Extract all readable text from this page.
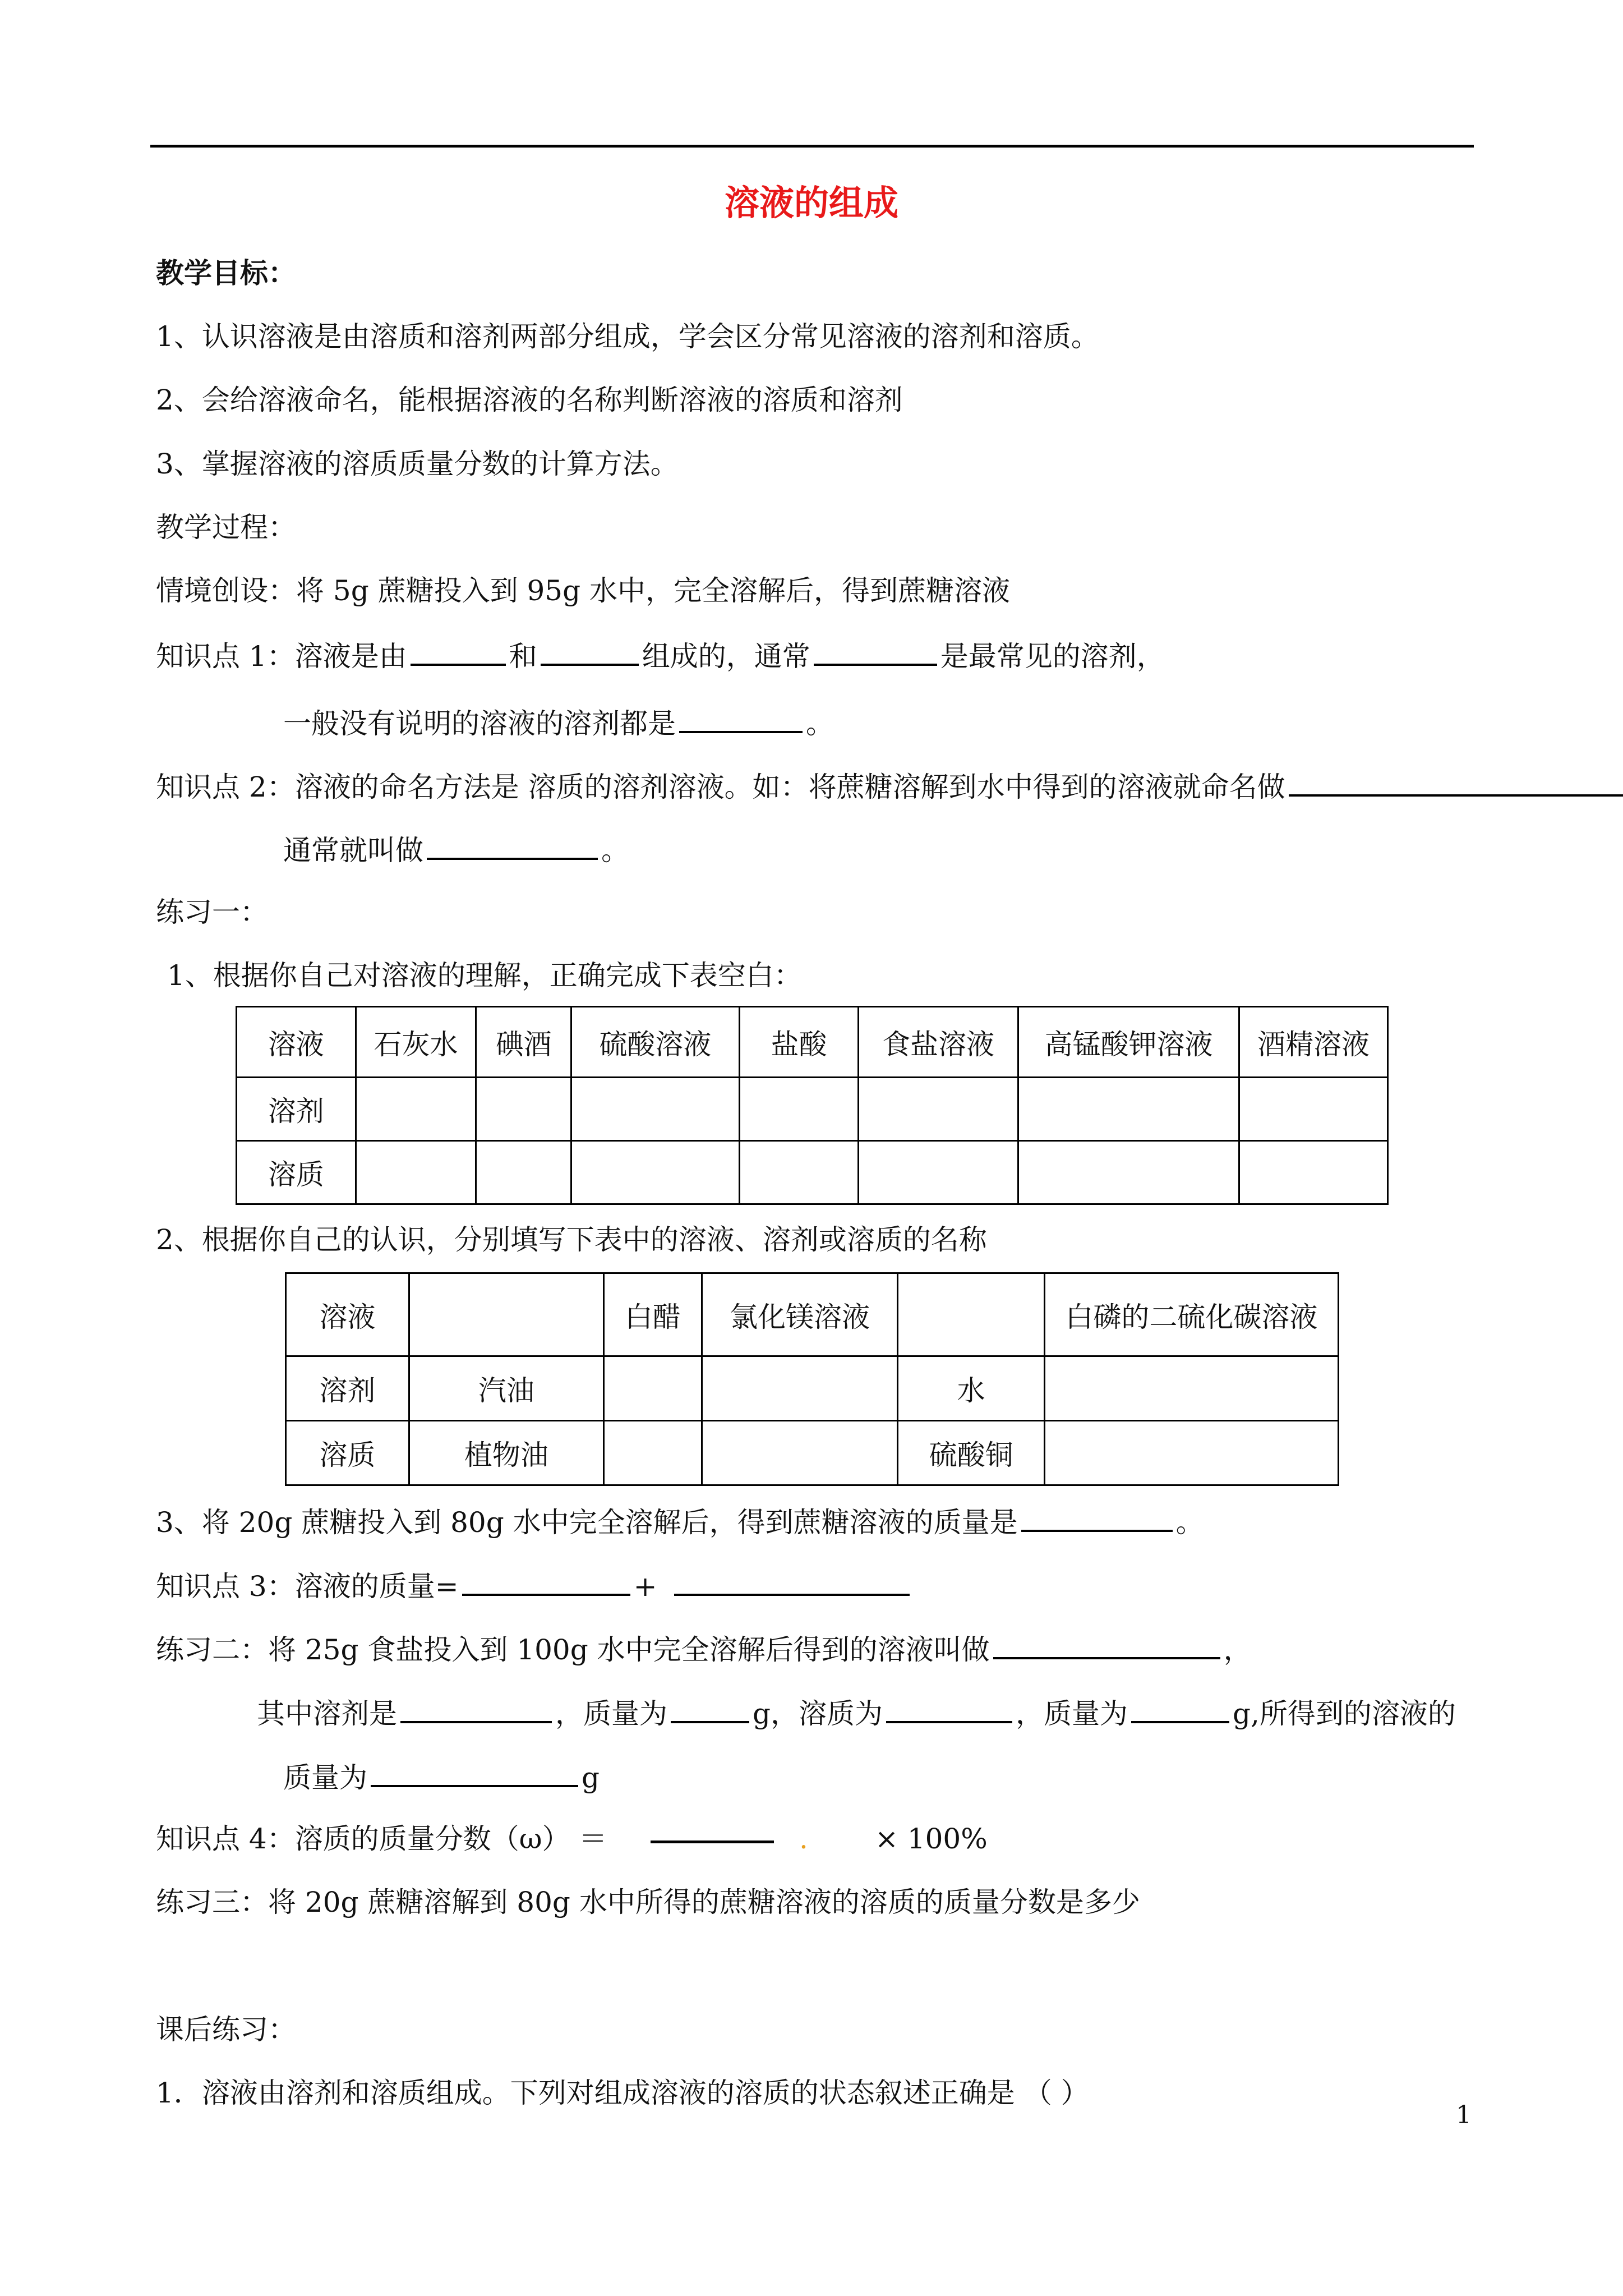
溶液的组成
教学目标：
1、认识溶液是由溶质和溶剂两部分组成，学会区分常见溶液的溶剂和溶质。
2、会给溶液命名，能根据溶液的名称判断溶液的溶质和溶剂
3、掌握溶液的溶质质量分数的计算方法。
教学过程：
情境创设：将 5g 蔗糖投入到 95g 水中，完全溶解后，得到蔗糖溶液
知识点 1：溶液是由	和	组成的，通常	是最常见的溶剂，
一般没有说明的溶液的溶剂都是	。
知识点 2：溶液的命名方法是 溶质的溶剂溶液。如：将蔗糖溶解到水中得到的溶液就命名做
通常就叫做	。
练习一：
1、根据你自己对溶液的理解，正确完成下表空白：
溶液	石灰水	碘酒	硫酸溶液	盐酸	食盐溶液	高锰酸钾溶液	酒精溶液
溶剂							
溶质							
2、根据你自己的认识，分别填写下表中的溶液、溶剂或溶质的名称
溶液		白醋	氯化镁溶液		白磷的二硫化碳溶液
溶剂	汽油			水	
溶质	植物油			硫酸铜	
3、将 20g 蔗糖投入到 80g 水中完全溶解后，得到蔗糖溶液的质量是	。
知识点 3：溶液的质量=	+
练习二：将 25g 食盐投入到 100g 水中完全溶解后得到的溶液叫做	，
其中溶剂是	，质量为	g，溶质为	，质量为	g,所得到的溶液的
质量为	g
知识点 4：溶质的质量分数（ω） ＝	. × 100%
练习三：将 20g 蔗糖溶解到 80g 水中所得的蔗糖溶液的溶质的质量分数是多少
课后练习：
1．溶液由溶剂和溶质组成。下列对组成溶液的溶质的状态叙述正确是 （ ）
1
